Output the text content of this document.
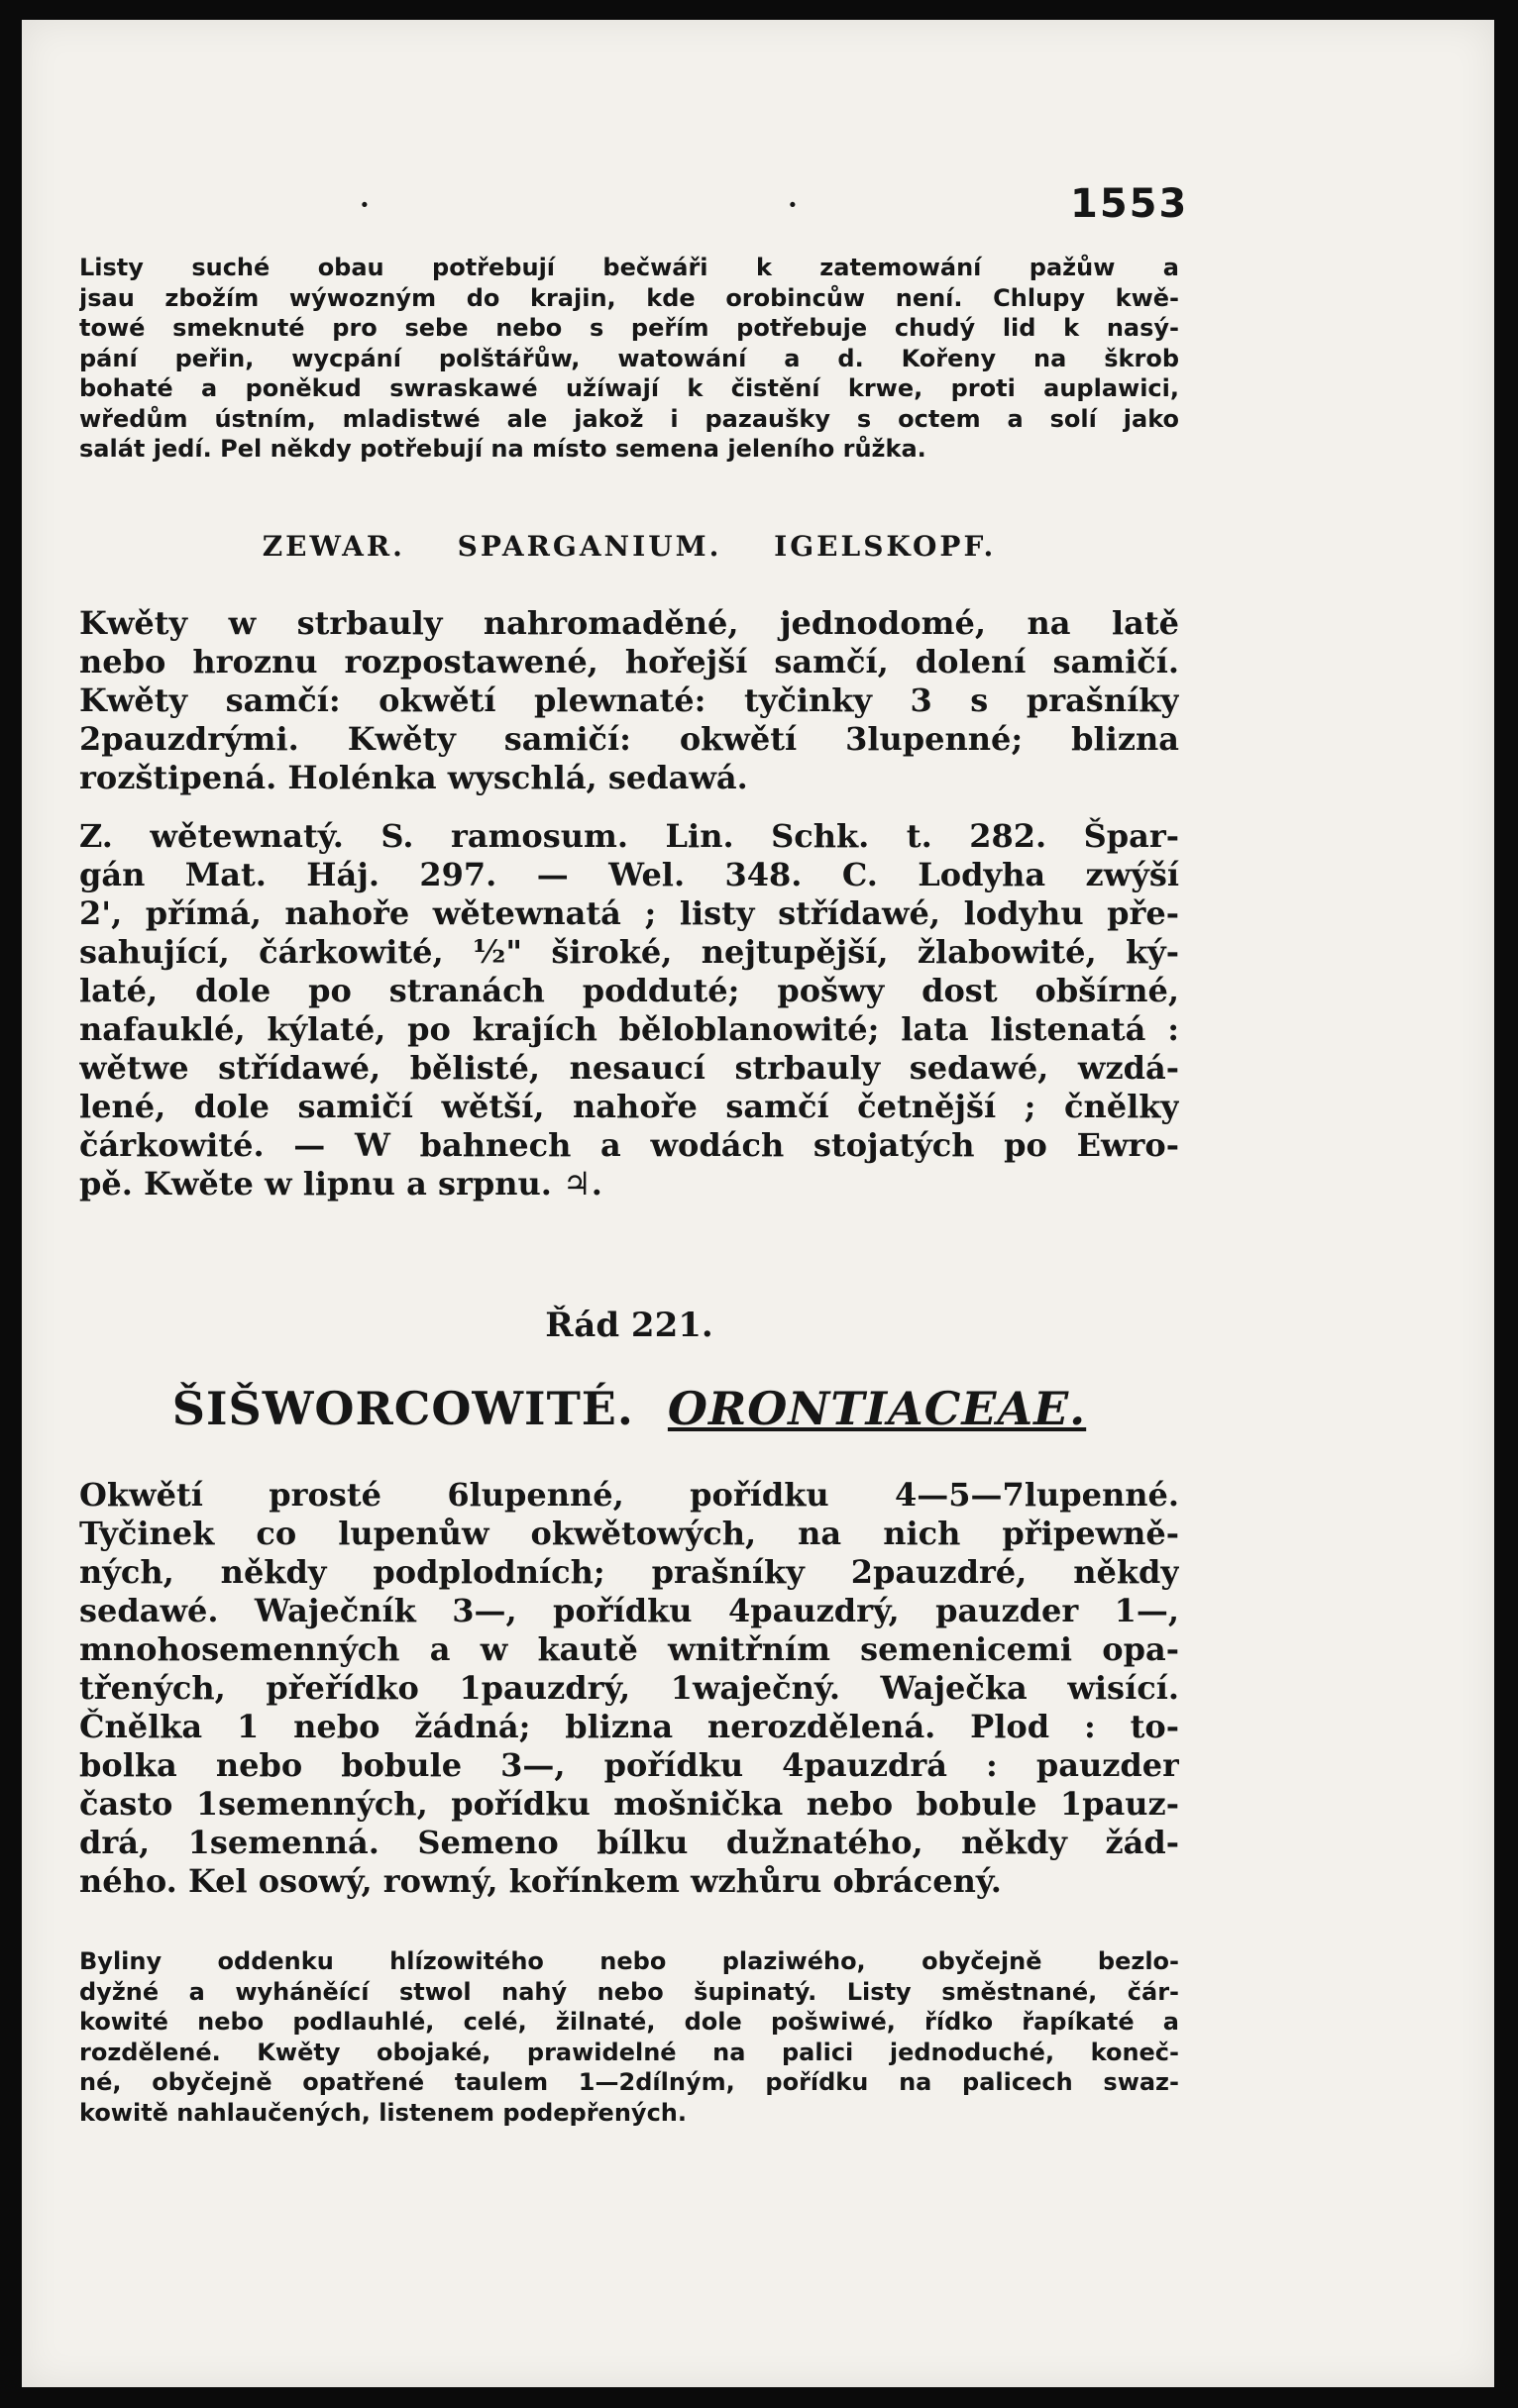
·	·	1553
Listy suché obau potřebují bečwáři k zatemowání pažůw a
jsau zbožím wýwozným do krajin, kde orobincůw není. Chlupy kwě-
towé smeknuté pro sebe nebo s peřím potřebuje chudý lid k nasý-
pání peřin, wycpání polštářůw, watowání a d. Kořeny na škrob
bohaté a poněkud swraskawé užíwají k čistění krwe, proti auplawici,
wředům ústním, mladistwé ale jakož i pazaušky s octem a solí jako
salát jedí. Pel někdy potřebují na místo semena jeleního růžka.
ZEWAR. SPARGANIUM. IGELSKOPF.
Kwěty w strbauly nahromaděné, jednodomé, na latě
nebo hroznu rozpostawené, hořejší samčí, dolení samičí.
Kwěty samčí: okwětí plewnaté: tyčinky 3 s prašníky
2pauzdrými. Kwěty samičí: okwětí 3lupenné; blizna
rozštipená. Holénka wyschlá, sedawá.
Z. wětewnatý. S. ramosum. Lin. Schk. t. 282. Špar-
gán Mat. Háj. 297. — Wel. 348. C. Lodyha zwýší
2', přímá, nahoře wětewnatá ; listy střídawé, lodyhu pře-
sahující, čárkowité, ½" široké, nejtupější, žlabowité, ký-
laté, dole po stranách podduté; pošwy dost obšírné,
nafauklé, kýlaté, po krajích běloblanowité; lata listenatá :
wětwe střídawé, bělisté, nesaucí strbauly sedawé, wzdá-
lené, dole samičí wětší, nahoře samčí četnější ; čnělky
čárkowité. — W bahnech a wodách stojatých po Ewro-
pě. Kwěte w lipnu a srpnu. ♃.
Řád 221.
ŠIŠWORCOWITÉ. ORONTIACEAE.
Okwětí prosté 6lupenné, pořídku 4—5—7lupenné.
Tyčinek co lupenůw okwětowých, na nich připewně-
ných, někdy podplodních; prašníky 2pauzdré, někdy
sedawé. Waječník 3—, pořídku 4pauzdrý, pauzder 1—,
mnohosemenných a w kautě wnitřním semenicemi opa-
třených, přeřídko 1pauzdrý, 1waječný. Waječka wisící.
Čnělka 1 nebo žádná; blizna nerozdělená. Plod : to-
bolka nebo bobule 3—, pořídku 4pauzdrá : pauzder
často 1semenných, pořídku mošnička nebo bobule 1pauz-
drá, 1semenná. Semeno bílku dužnatého, někdy žád-
ného. Kel osowý, rowný, kořínkem wzhůru obrácený.
Byliny oddenku hlízowitého nebo plaziwého, obyčejně bezlo-
dyžné a wyháněící stwol nahý nebo šupinatý. Listy směstnané, čár-
kowité nebo podlauhlé, celé, žilnaté, dole pošwiwé, řídko řapíkaté a
rozdělené. Kwěty obojaké, prawidelné na palici jednoduché, koneč-
né, obyčejně opatřené taulem 1—2dílným, pořídku na palicech swaz-
kowitě nahlaučených, listenem podepřených.
